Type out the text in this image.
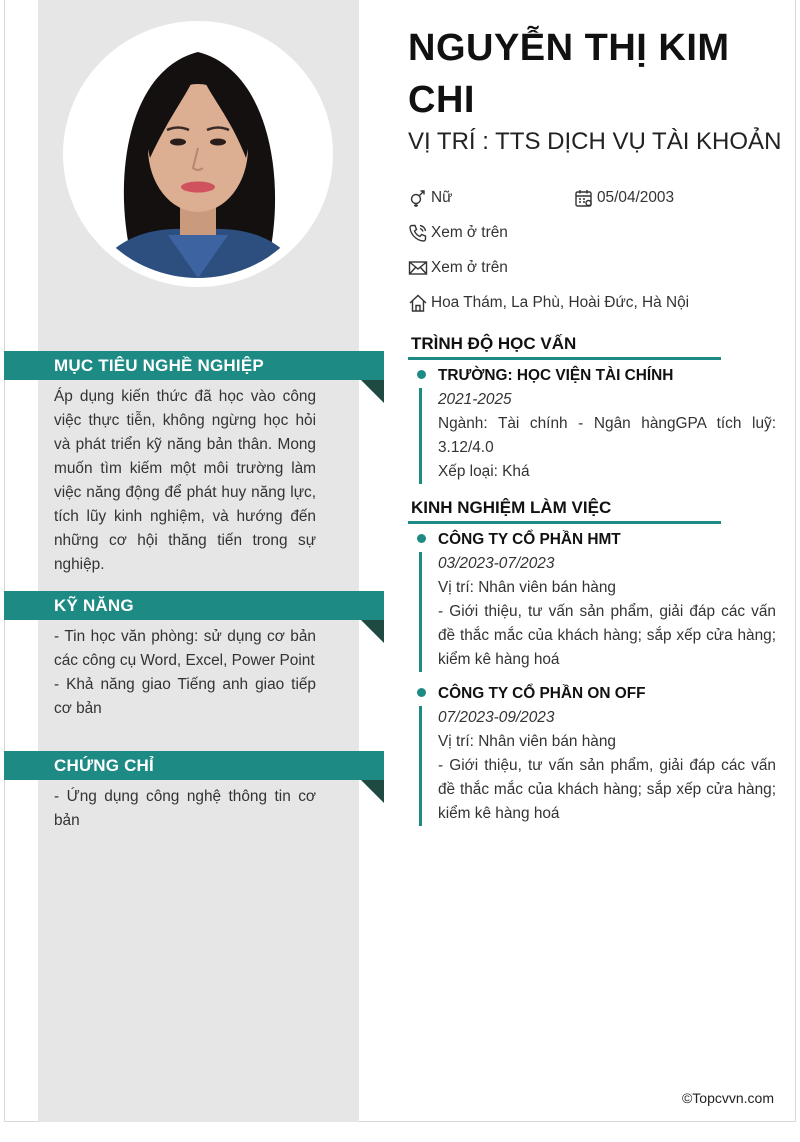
MỤC TIÊU NGHỀ NGHIỆP

Áp dụng kiến thức đã học vào công việc thực tiễn, không ngừng học hỏi và phát triển kỹ năng bản thân. Mong muốn tìm kiếm một môi trường làm việc năng động để phát huy năng lực, tích lũy kinh nghiệm, và hướng đến những cơ hội thăng tiến trong sự nghiệp.

KỸ NĂNG

- Tin học văn phòng: sử dụng cơ bản các công cụ Word, Excel, Power Point

- Khả năng giao Tiếng anh giao tiếp cơ bản

CHỨNG CHỈ

- Ứng dụng công nghệ thông tin cơ bản

NGUYỄN THỊ KIM CHI
VỊ TRÍ : TTS DỊCH VỤ TÀI KHOẢN
Nữ	05/04/2003
Xem ở trên
Xem ở trên
Hoa Thám, La Phù, Hoài Đức, Hà Nội
TRÌNH ĐỘ HỌC VẤN
TRƯỜNG: HỌC VIỆN TÀI CHÍNH
2021-2025
Ngành: Tài chính - Ngân hàngGPA tích luỹ: 3.12/4.0
Xếp loại: Khá
KINH NGHIỆM LÀM VIỆC
CÔNG TY CỔ PHẦN HMT
03/2023-07/2023
Vị trí: Nhân viên bán hàng
- Giới thiệu, tư vấn sản phẩm, giải đáp các vấn đề thắc mắc của khách hàng; sắp xếp cửa hàng; kiểm kê hàng hoá
CÔNG TY CỔ PHẦN ON OFF
07/2023-09/2023
Vị trí: Nhân viên bán hàng
- Giới thiệu, tư vấn sản phẩm, giải đáp các vấn đề thắc mắc của khách hàng; sắp xếp cửa hàng; kiểm kê hàng hoá
©Topcvvn.com
